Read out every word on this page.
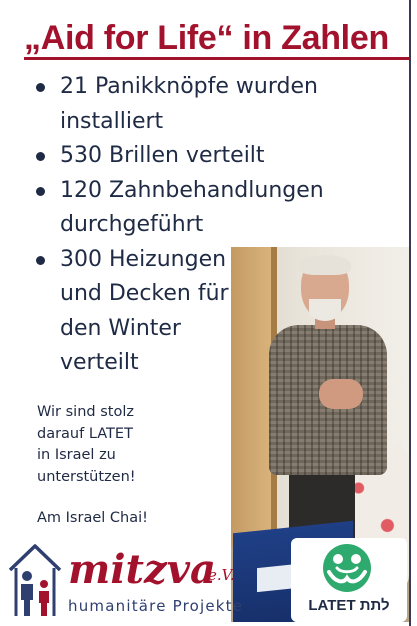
„Aid for Life“ in Zahlen
21 Panikknöpfe wurden
installiert
530 Brillen verteilt
120 Zahnbehandlungen
durchgeführt
300 Heizungen
und Decken für
den Winter
verteilt
Wir sind stolz
darauf LATET
in Israel zu
unterstützen!
Am Israel Chai!
mitzva
e.V.
humanitäre Projekte	LATET לתת
